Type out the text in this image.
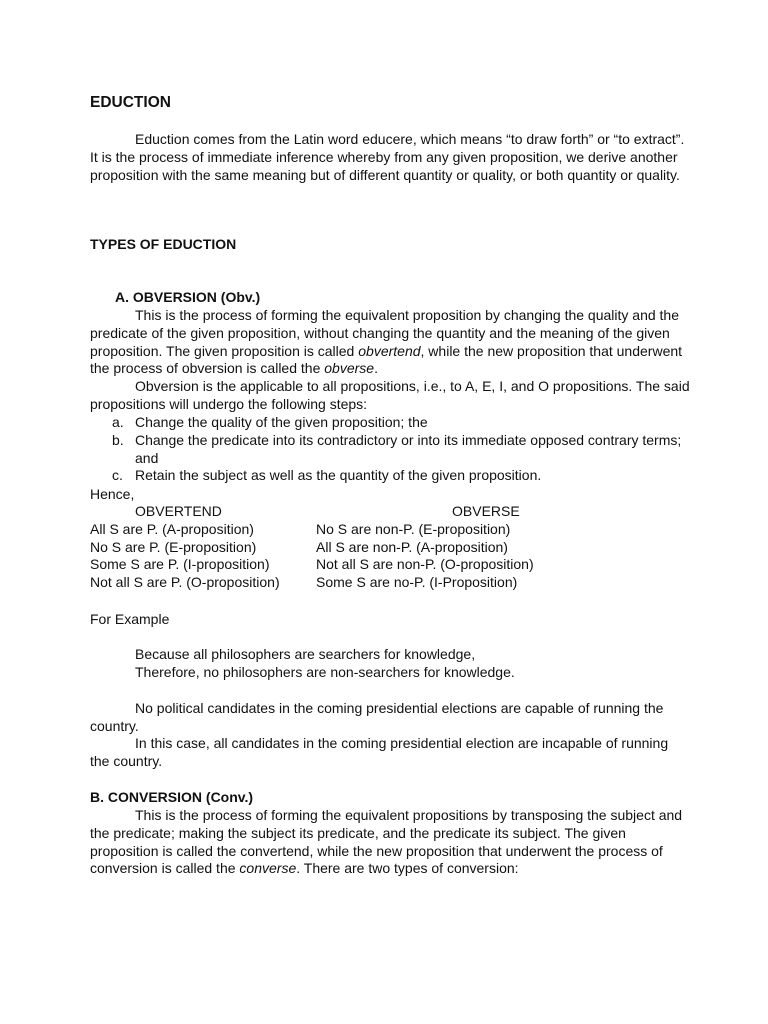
EDUCTION

Eduction comes from the Latin word educere, which means “to draw forth” or “to extract”. It is the process of immediate inference whereby from any given proposition, we derive another proposition with the same meaning but of different quantity or quality, or both quantity or quality.

TYPES OF EDUCTION
A. OBVERSION (Obv.)

This is the process of forming the equivalent proposition by changing the quality and the predicate of the given proposition, without changing the quantity and the meaning of the given proposition. The given proposition is called obvertend, while the new proposition that underwent the process of obversion is called the obverse.

Obversion is the applicable to all propositions, i.e., to A, E, I, and O propositions. The said propositions will undergo the following steps:

a. Change the quality of the given proposition; the
b. Change the predicate into its contradictory or into its immediate opposed contrary terms; and
c. Retain the subject as well as the quantity of the given proposition.
Hence,
OBVERTEND	OBVERSE
All S are P. (A-proposition)	No S are non-P. (E-proposition)
No S are P. (E-proposition)	All S are non-P. (A-proposition)
Some S are P. (I-proposition)	Not all S are non-P. (O-proposition)
Not all S are P. (O-proposition)	Some S are no-P. (I-Proposition)
For Example
Because all philosophers are searchers for knowledge,
Therefore, no philosophers are non-searchers for knowledge.

No political candidates in the coming presidential elections are capable of running the country.

In this case, all candidates in the coming presidential election are incapable of running the country.

B. CONVERSION (Conv.)

This is the process of forming the equivalent propositions by transposing the subject and the predicate; making the subject its predicate, and the predicate its subject. The given proposition is called the convertend, while the new proposition that underwent the process of conversion is called the converse. There are two types of conversion:
